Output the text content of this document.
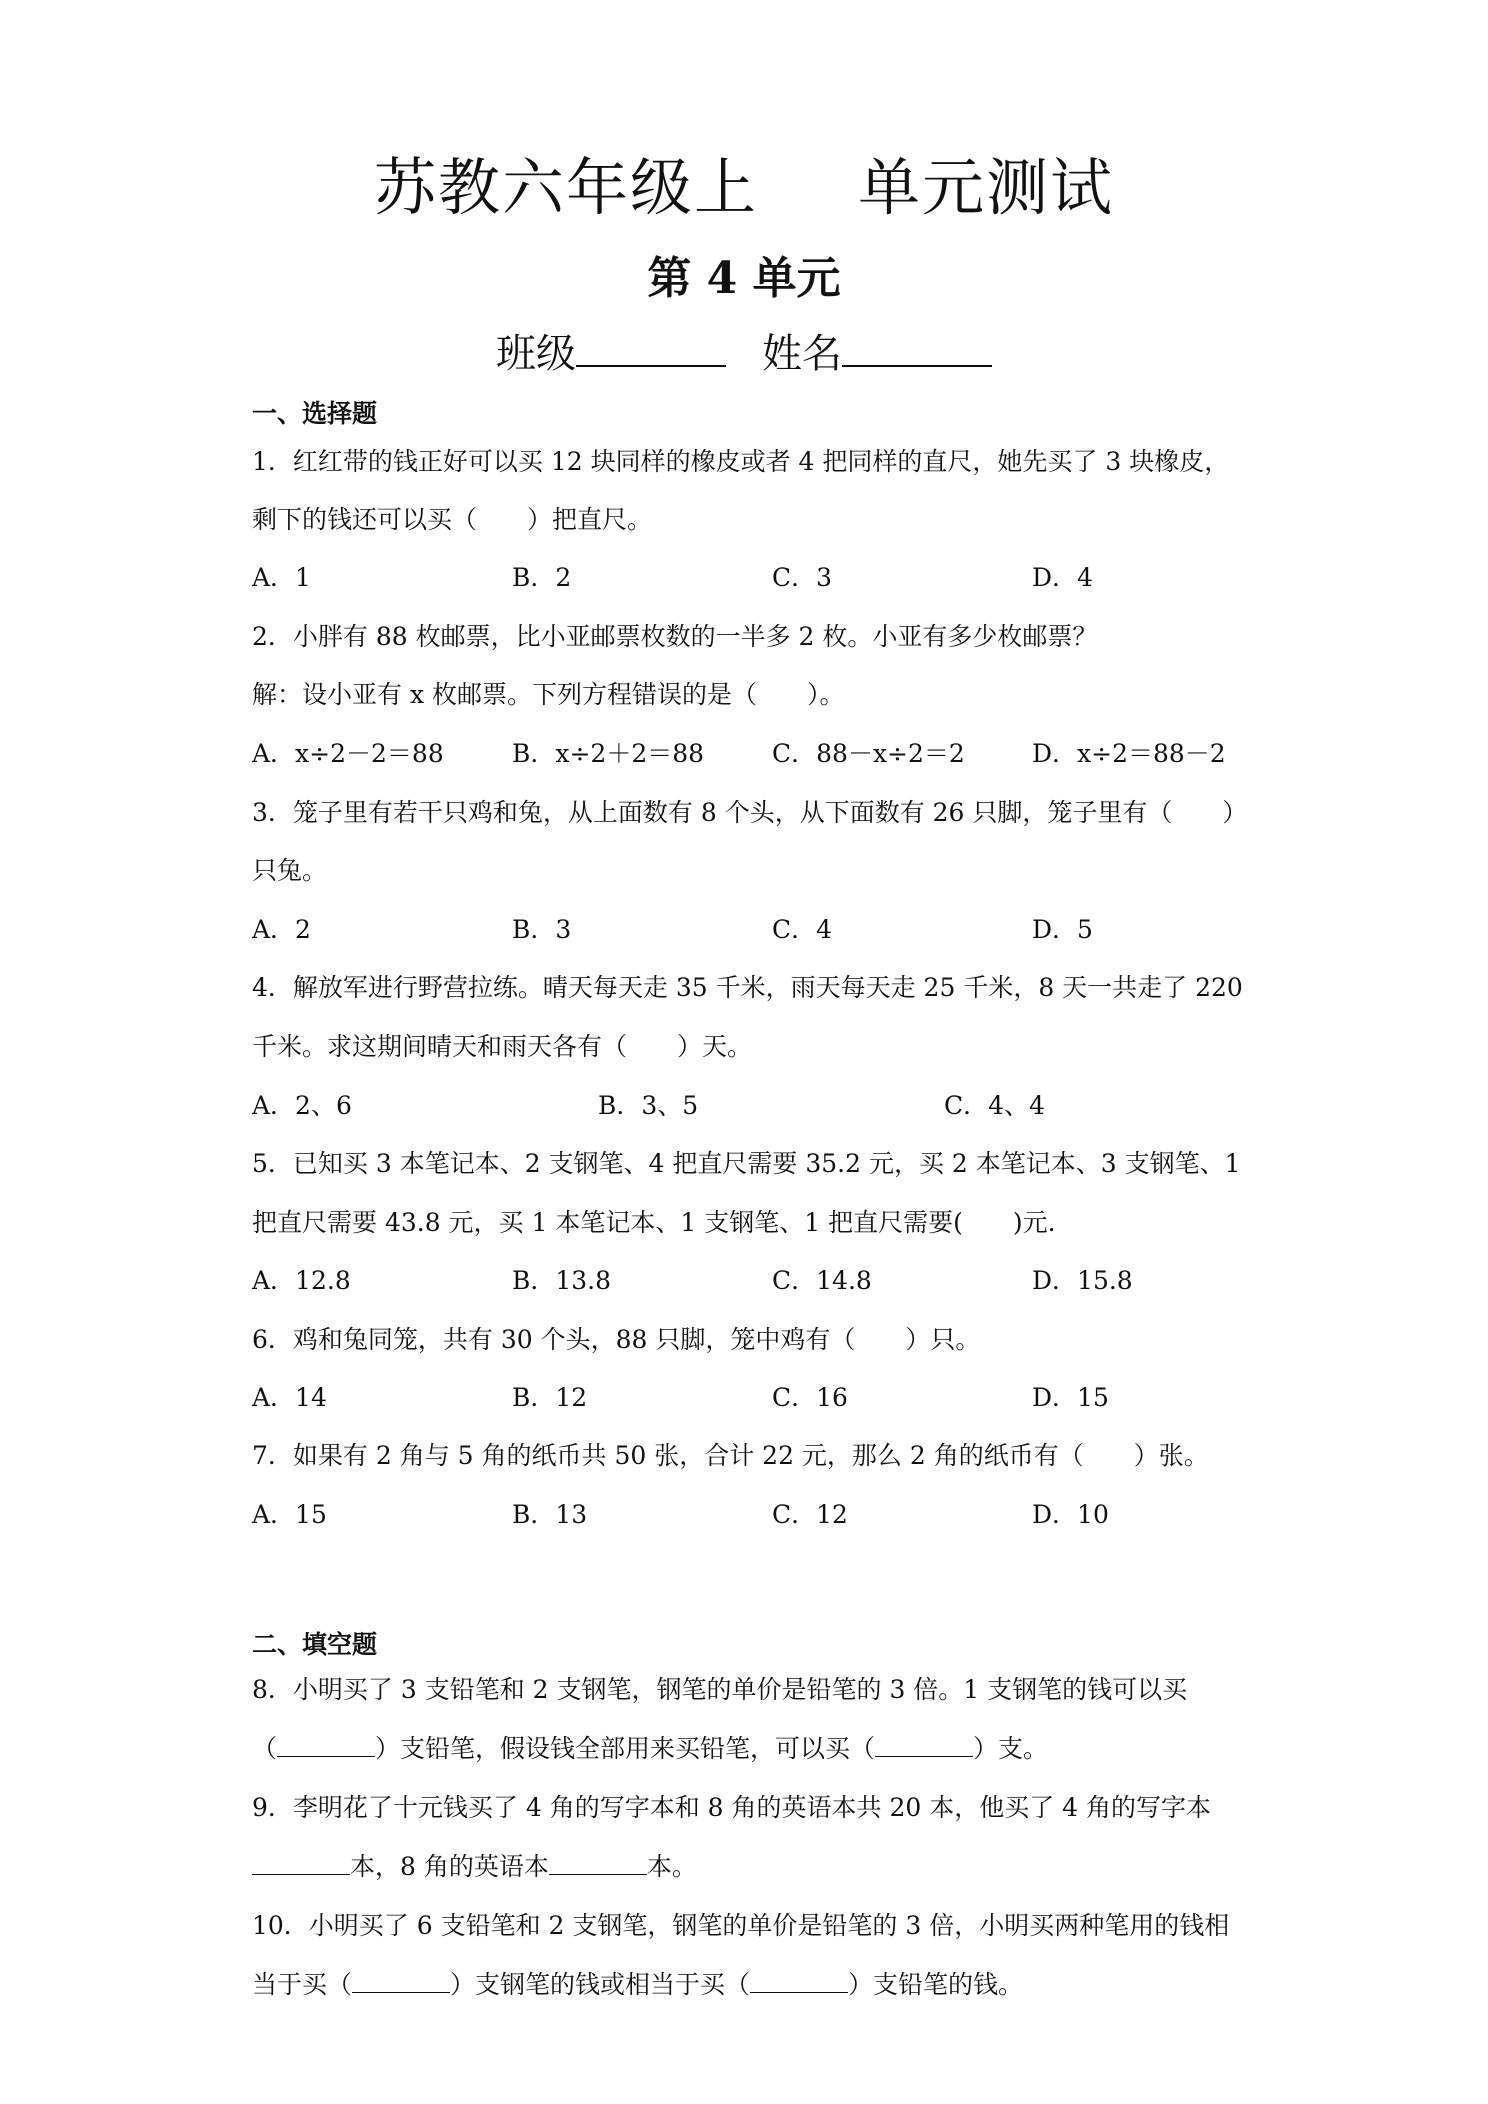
苏教六年级上 单元测试
第 4 单元
班级	姓名
一、选择题
1．红红带的钱正好可以买 12 块同样的橡皮或者 4 把同样的直尺，她先买了 3 块橡皮，
剩下的钱还可以买（　　）把直尺。
A．1	B．2	C．3	D．4
2．小胖有 88 枚邮票，比小亚邮票枚数的一半多 2 枚。小亚有多少枚邮票？
解：设小亚有 x 枚邮票。下列方程错误的是（　　）。
A．x÷2－2＝88	B．x÷2＋2＝88	C．88－x÷2＝2	D．x÷2＝88－2
3．笼子里有若干只鸡和兔，从上面数有 8 个头，从下面数有 26 只脚，笼子里有（　　）
只兔。
A．2	B．3	C．4	D．5
4．解放军进行野营拉练。晴天每天走 35 千米，雨天每天走 25 千米，8 天一共走了 220
千米。求这期间晴天和雨天各有（　　）天。
A．2、6	B．3、5	C．4、4
5．已知买 3 本笔记本、2 支钢笔、4 把直尺需要 35.2 元，买 2 本笔记本、3 支钢笔、1
把直尺需要 43.8 元，买 1 本笔记本、1 支钢笔、1 把直尺需要(　　)元.
A．12.8	B．13.8	C．14.8	D．15.8
6．鸡和兔同笼，共有 30 个头，88 只脚，笼中鸡有（　　）只。
A．14	B．12	C．16	D．15
7．如果有 2 角与 5 角的纸币共 50 张，合计 22 元，那么 2 角的纸币有（　　）张。
A．15	B．13	C．12	D．10
二、填空题
8．小明买了 3 支铅笔和 2 支钢笔，钢笔的单价是铅笔的 3 倍。1 支钢笔的钱可以买
（	）支铅笔，假设钱全部用来买铅笔，可以买（	）支。
9．李明花了十元钱买了 4 角的写字本和 8 角的英语本共 20 本，他买了 4 角的写字本
本，8 角的英语本	本。
10．小明买了 6 支铅笔和 2 支钢笔，钢笔的单价是铅笔的 3 倍，小明买两种笔用的钱相
当于买（	）支钢笔的钱或相当于买（	）支铅笔的钱。
